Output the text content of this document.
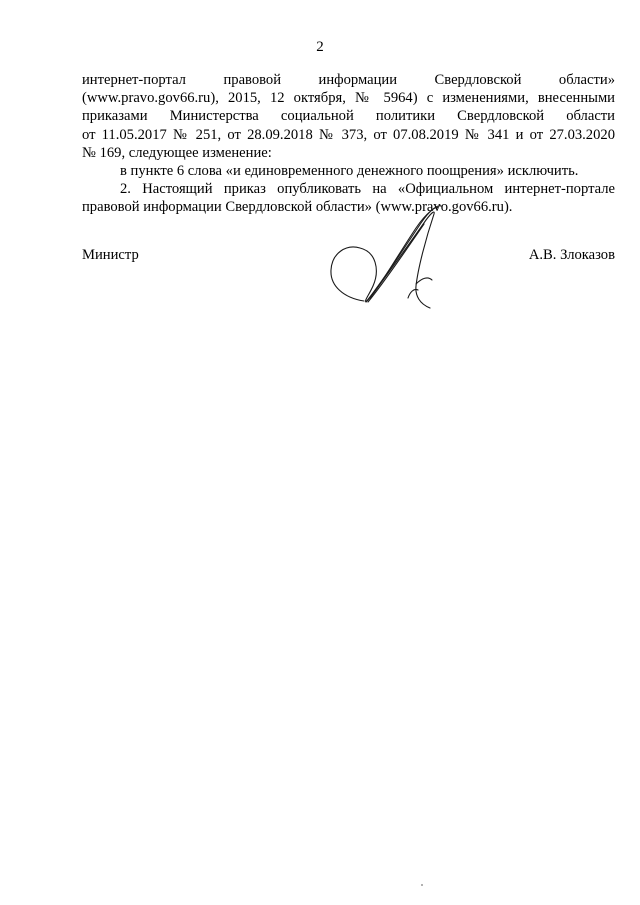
2

интернет-портал правовой информации Свердловской области»
(www.pravo.gov66.ru), 2015, 12 октября, № 5964) с изменениями, внесенными
приказами Министерства социальной политики Свердловской области
от 11.05.2017 № 251, от 28.09.2018 № 373, от 07.08.2019 № 341 и от 27.03.2020
№ 169, следующее изменение:

в пункте 6 слова «и единовременного денежного поощрения» исключить.

2. Настоящий приказ опубликовать на «Официальном интернет-портале
правовой информации Свердловской области» (www.pravo.gov66.ru).

Министр	А.В. Злоказов
